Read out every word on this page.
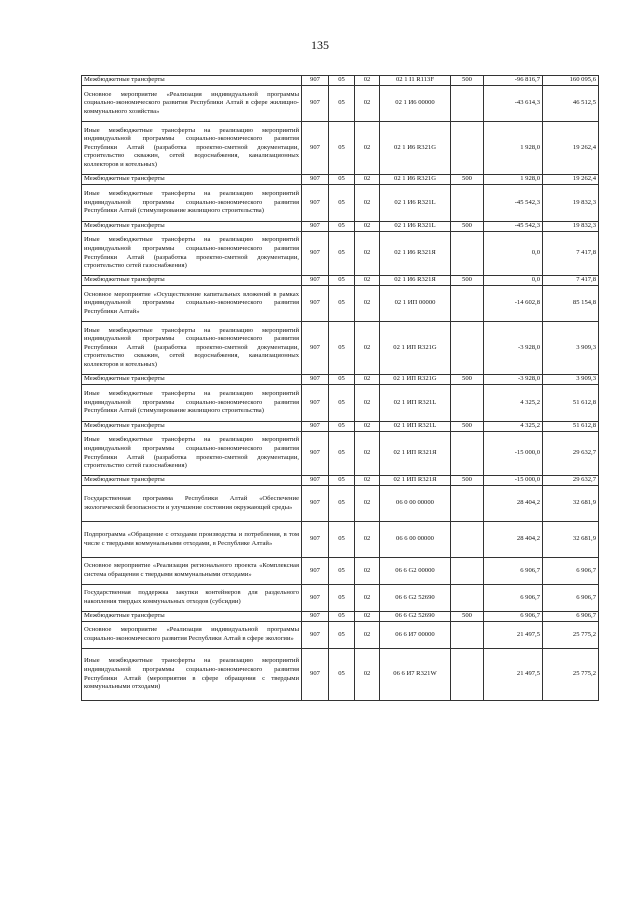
135
Межбюджетные трансферты	907	05	02	02 1 I1 R113F	500	-96 816,7	160 095,6
Основное мероприятие «Реализация индивидуальной программы социально-экономического развития Республики Алтай в сфере жилищно-коммунального хозяйства»	907	05	02	02 1 И6 00000		-43 614,3	46 512,5
Иные межбюджетные трансферты на реализацию мероприятий индивидуальной программы социально-экономического развития Республики Алтай (разработка проектно-сметной документации, строительство скважин, сетей водоснабжения, канализационных коллекторов и котельных)	907	05	02	02 1 И6 R321G		1 928,0	19 262,4
Межбюджетные трансферты	907	05	02	02 1 И6 R321G	500	1 928,0	19 262,4
Иные межбюджетные трансферты на реализацию мероприятий индивидуальной программы социально-экономического развития Республики Алтай (стимулирование жилищного строительства)	907	05	02	02 1 И6 R321L		-45 542,3	19 832,3
Межбюджетные трансферты	907	05	02	02 1 И6 R321L	500	-45 542,3	19 832,3
Иные межбюджетные трансферты на реализацию мероприятий индивидуальной программы социально-экономического развития Республики Алтай (разработка проектно-сметной документации, строительство сетей газоснабжения)	907	05	02	02 1 И6 R321Я		0,0	7 417,8
Межбюджетные трансферты	907	05	02	02 1 И6 R321Я	500	0,0	7 417,8
Основное мероприятие «Осуществление капитальных вложений в рамках индивидуальной программы социально-экономического развития Республики Алтай»	907	05	02	02 1 ИП 00000		-14 602,8	85 154,8
Иные межбюджетные трансферты на реализацию мероприятий индивидуальной программы социально-экономического развития Республики Алтай (разработка проектно-сметной документации, строительство скважин, сетей водоснабжения, канализационных коллекторов и котельных)	907	05	02	02 1 ИП R321G		-3 928,0	3 909,3
Межбюджетные трансферты	907	05	02	02 1 ИП R321G	500	-3 928,0	3 909,3
Иные межбюджетные трансферты на реализацию мероприятий индивидуальной программы социально-экономического развития Республики Алтай (стимулирование жилищного строительства)	907	05	02	02 1 ИП R321L		4 325,2	51 612,8
Межбюджетные трансферты	907	05	02	02 1 ИП R321L	500	4 325,2	51 612,8
Иные межбюджетные трансферты на реализацию мероприятий индивидуальной программы социально-экономического развития Республики Алтай (разработка проектно-сметной документации, строительство сетей газоснабжения)	907	05	02	02 1 ИП R321Я		-15 000,0	29 632,7
Межбюджетные трансферты	907	05	02	02 1 ИП R321Я	500	-15 000,0	29 632,7
Государственная программа Республики Алтай «Обеспечение экологической безопасности и улучшение состояния окружающей среды»	907	05	02	06 0 00 00000		28 404,2	32 681,9
Подпрограмма «Обращение с отходами производства и потребления, в том числе с твердыми коммунальными отходами, в Республике Алтай»	907	05	02	06 6 00 00000		28 404,2	32 681,9
Основное мероприятие «Реализация регионального проекта «Комплексная система обращения с твердыми коммунальными отходами»	907	05	02	06 6 G2 00000		6 906,7	6 906,7
Государственная поддержка закупки контейнеров для раздельного накопления твердых коммунальных отходов (субсидии)	907	05	02	06 6 G2 52690		6 906,7	6 906,7
Межбюджетные трансферты	907	05	02	06 6 G2 52690	500	6 906,7	6 906,7
Основное мероприятие «Реализация индивидуальной программы социально-экономического развития Республики Алтай в сфере экологии»	907	05	02	06 6 И7 00000		21 497,5	25 775,2
Иные межбюджетные трансферты на реализацию мероприятий индивидуальной программы социально-экономического развития Республики Алтай (мероприятия в сфере обращения с твердыми коммунальными отходами)	907	05	02	06 6 И7 R321W		21 497,5	25 775,2
